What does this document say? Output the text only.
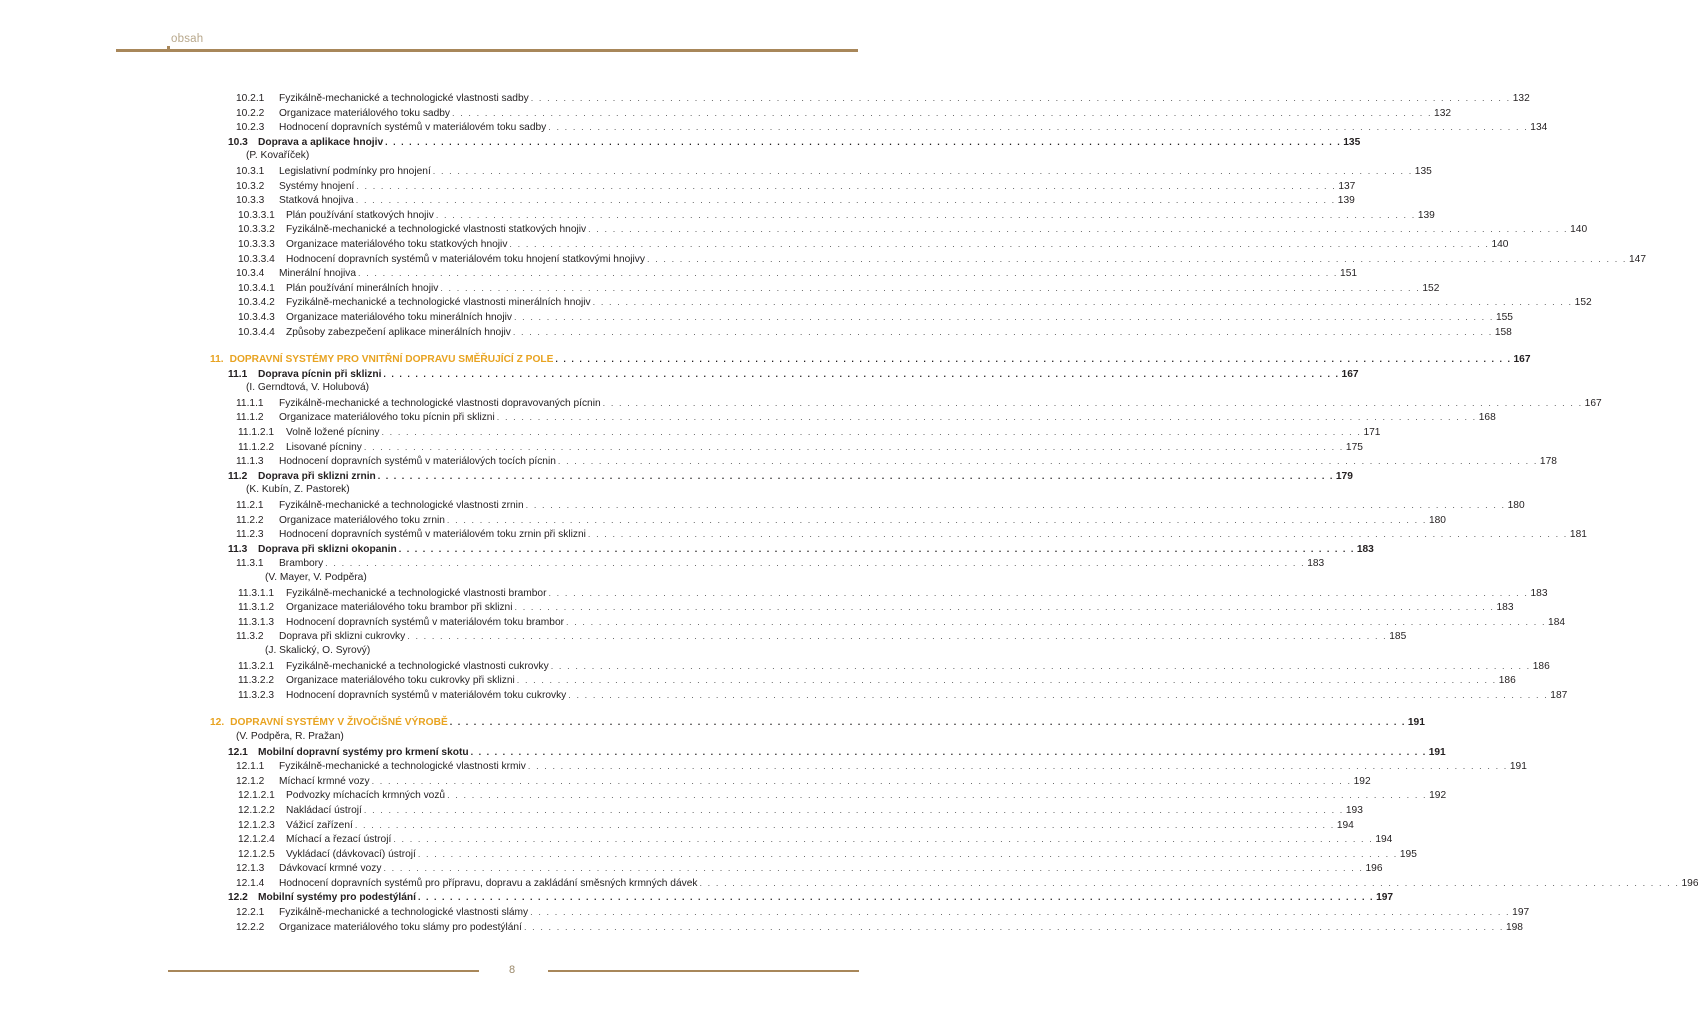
obsah
10.2.1	Fyzikálně-mechanické a technologické vlastnosti sadby . . . . . . . . . . . . . . . . . . . . . . . . . . . . . . . . . . . . . . . . . . . . . . . . . . . . . . . . . . . . . . . . . . . . . . . . . . . . . . . . . . . . . . . . . . . . . . . . . . . . . . . . . . . . . . . . . . . . . . . . 132
10.2.2	Organizace materiálového toku sadby . . . . . . . . . . . . . . . . . . . . . . . . . . . . . . . . . . . . . . . . . . . . . . . . . . . . . . . . . . . . . . . . . . . . . . . . . . . . . . . . . . . . . . . . . . . . . . . . . . . . . . . . . . . . . . . . . . . . . . . . 132
10.2.3	Hodnocení dopravních systémů v materiálovém toku sadby . . . . . . . . . . . . . . . . . . . . . . . . . . . . . . . . . . . . . . . . . . . . . . . . . . . . . . . . . . . . . . . . . . . . . . . . . . . . . . . . . . . . . . . . . . . . . . . . . . . . . . . . . . . . . . . . . . . . . . . . 134
10.3 Doprava a aplikace hnojiv . . . . . . . . . . . . . . . . . . . . . . . . . . . . . . . . . . . . . . . . . . . . . . . . . . . . . . . . . . . . . . . . . . . . . . . . . . . . . . . . . . . . . . . . . . . . . . . . . . . . . . . . . . . . . . . . . . . . . . . . 135
(P. Kovaříček)
10.3.1	Legislativní podmínky pro hnojení . . . . . . . . . . . . . . . . . . . . . . . . . . . . . . . . . . . . . . . . . . . . . . . . . . . . . . . . . . . . . . . . . . . . . . . . . . . . . . . . . . . . . . . . . . . . . . . . . . . . . . . . . . . . . . . . . . . . . . . . 135
10.3.2	Systémy hnojení . . . . . . . . . . . . . . . . . . . . . . . . . . . . . . . . . . . . . . . . . . . . . . . . . . . . . . . . . . . . . . . . . . . . . . . . . . . . . . . . . . . . . . . . . . . . . . . . . . . . . . . . . . . . . . . . . . . . . . . . 137
10.3.3	Statková hnojiva . . . . . . . . . . . . . . . . . . . . . . . . . . . . . . . . . . . . . . . . . . . . . . . . . . . . . . . . . . . . . . . . . . . . . . . . . . . . . . . . . . . . . . . . . . . . . . . . . . . . . . . . . . . . . . . . . . . . . . . . 139
10.3.3.1	Plán používání statkových hnojiv . . . . . . . . . . . . . . . . . . . . . . . . . . . . . . . . . . . . . . . . . . . . . . . . . . . . . . . . . . . . . . . . . . . . . . . . . . . . . . . . . . . . . . . . . . . . . . . . . . . . . . . . . . . . . . . . . . . . . . . . 139
10.3.3.2	Fyzikálně-mechanické a technologické vlastnosti statkových hnojiv . . . . . . . . . . . . . . . . . . . . . . . . . . . . . . . . . . . . . . . . . . . . . . . . . . . . . . . . . . . . . . . . . . . . . . . . . . . . . . . . . . . . . . . . . . . . . . . . . . . . . . . . . . . . . . . . . . . . . . . . 140
10.3.3.3	Organizace materiálového toku statkových hnojiv . . . . . . . . . . . . . . . . . . . . . . . . . . . . . . . . . . . . . . . . . . . . . . . . . . . . . . . . . . . . . . . . . . . . . . . . . . . . . . . . . . . . . . . . . . . . . . . . . . . . . . . . . . . . . . . . . . . . . . . . 140
10.3.3.4	Hodnocení dopravních systémů v materiálovém toku hnojení statkovými hnojivy . . . . . . . . . . . . . . . . . . . . . . . . . . . . . . . . . . . . . . . . . . . . . . . . . . . . . . . . . . . . . . . . . . . . . . . . . . . . . . . . . . . . . . . . . . . . . . . . . . . . . . . . . . . . . . . . . . . . . . . . 147
10.3.4	Minerální hnojiva . . . . . . . . . . . . . . . . . . . . . . . . . . . . . . . . . . . . . . . . . . . . . . . . . . . . . . . . . . . . . . . . . . . . . . . . . . . . . . . . . . . . . . . . . . . . . . . . . . . . . . . . . . . . . . . . . . . . . . . . 151
10.3.4.1	Plán používání minerálních hnojiv . . . . . . . . . . . . . . . . . . . . . . . . . . . . . . . . . . . . . . . . . . . . . . . . . . . . . . . . . . . . . . . . . . . . . . . . . . . . . . . . . . . . . . . . . . . . . . . . . . . . . . . . . . . . . . . . . . . . . . . . 152
10.3.4.2	Fyzikálně-mechanické a technologické vlastnosti minerálních hnojiv . . . . . . . . . . . . . . . . . . . . . . . . . . . . . . . . . . . . . . . . . . . . . . . . . . . . . . . . . . . . . . . . . . . . . . . . . . . . . . . . . . . . . . . . . . . . . . . . . . . . . . . . . . . . . . . . . . . . . . . . 152
10.3.4.3	Organizace materiálového toku minerálních hnojiv . . . . . . . . . . . . . . . . . . . . . . . . . . . . . . . . . . . . . . . . . . . . . . . . . . . . . . . . . . . . . . . . . . . . . . . . . . . . . . . . . . . . . . . . . . . . . . . . . . . . . . . . . . . . . . . . . . . . . . . . 155
10.3.4.4	Způsoby zabezpečení aplikace minerálních hnojiv . . . . . . . . . . . . . . . . . . . . . . . . . . . . . . . . . . . . . . . . . . . . . . . . . . . . . . . . . . . . . . . . . . . . . . . . . . . . . . . . . . . . . . . . . . . . . . . . . . . . . . . . . . . . . . . . . . . . . . . . 158
11. DOPRAVNÍ SYSTÉMY PRO VNITŘNÍ DOPRAVU SMĚŘUJÍCÍ Z POLE . . . . . . . . . . . . . . . . . . . . . . . . . . . . . . . . . . . . . . . . . . . . . . . . . . . . . . . . . . . . . . . . . . . . . . . . . . . . . . . . . . . . . . . . . . . . . . . . . . . . . . . . . . . . . . . . . . . . . . . . 167
11.1	Doprava pícnin při sklizni . . . . . . . . . . . . . . . . . . . . . . . . . . . . . . . . . . . . . . . . . . . . . . . . . . . . . . . . . . . . . . . . . . . . . . . . . . . . . . . . . . . . . . . . . . . . . . . . . . . . . . . . . . . . . . . . . . . . . . . . 167
(I. Gerndtová, V. Holubová)
11.1.1	Fyzikálně-mechanické a technologické vlastnosti dopravovaných pícnin . . . . . . . . . . . . . . . . . . . . . . . . . . . . . . . . . . . . . . . . . . . . . . . . . . . . . . . . . . . . . . . . . . . . . . . . . . . . . . . . . . . . . . . . . . . . . . . . . . . . . . . . . . . . . . . . . . . . . . . . 167
11.1.2	Organizace materiálového toku pícnin při sklizni . . . . . . . . . . . . . . . . . . . . . . . . . . . . . . . . . . . . . . . . . . . . . . . . . . . . . . . . . . . . . . . . . . . . . . . . . . . . . . . . . . . . . . . . . . . . . . . . . . . . . . . . . . . . . . . . . . . . . . . . 168
11.1.2.1	Volně ložené pícniny . . . . . . . . . . . . . . . . . . . . . . . . . . . . . . . . . . . . . . . . . . . . . . . . . . . . . . . . . . . . . . . . . . . . . . . . . . . . . . . . . . . . . . . . . . . . . . . . . . . . . . . . . . . . . . . . . . . . . . . . 171
11.1.2.2	Lisované pícniny . . . . . . . . . . . . . . . . . . . . . . . . . . . . . . . . . . . . . . . . . . . . . . . . . . . . . . . . . . . . . . . . . . . . . . . . . . . . . . . . . . . . . . . . . . . . . . . . . . . . . . . . . . . . . . . . . . . . . . . . 175
11.1.3	Hodnocení dopravních systémů v materiálových tocích pícnin . . . . . . . . . . . . . . . . . . . . . . . . . . . . . . . . . . . . . . . . . . . . . . . . . . . . . . . . . . . . . . . . . . . . . . . . . . . . . . . . . . . . . . . . . . . . . . . . . . . . . . . . . . . . . . . . . . . . . . . . 178
11.2	Doprava při sklizni zrnin . . . . . . . . . . . . . . . . . . . . . . . . . . . . . . . . . . . . . . . . . . . . . . . . . . . . . . . . . . . . . . . . . . . . . . . . . . . . . . . . . . . . . . . . . . . . . . . . . . . . . . . . . . . . . . . . . . . . . . . . 179
(K. Kubín, Z. Pastorek)
11.2.1	Fyzikálně-mechanické a technologické vlastnosti zrnin . . . . . . . . . . . . . . . . . . . . . . . . . . . . . . . . . . . . . . . . . . . . . . . . . . . . . . . . . . . . . . . . . . . . . . . . . . . . . . . . . . . . . . . . . . . . . . . . . . . . . . . . . . . . . . . . . . . . . . . . 180
11.2.2	Organizace materiálového toku zrnin . . . . . . . . . . . . . . . . . . . . . . . . . . . . . . . . . . . . . . . . . . . . . . . . . . . . . . . . . . . . . . . . . . . . . . . . . . . . . . . . . . . . . . . . . . . . . . . . . . . . . . . . . . . . . . . . . . . . . . . . 180
11.2.3	Hodnocení dopravních systémů v materiálovém toku zrnin při sklizni . . . . . . . . . . . . . . . . . . . . . . . . . . . . . . . . . . . . . . . . . . . . . . . . . . . . . . . . . . . . . . . . . . . . . . . . . . . . . . . . . . . . . . . . . . . . . . . . . . . . . . . . . . . . . . . . . . . . . . . . 181
11.3	Doprava při sklizni okopanin . . . . . . . . . . . . . . . . . . . . . . . . . . . . . . . . . . . . . . . . . . . . . . . . . . . . . . . . . . . . . . . . . . . . . . . . . . . . . . . . . . . . . . . . . . . . . . . . . . . . . . . . . . . . . . . . . . . . . . . . 183
11.3.1	Brambory . . . . . . . . . . . . . . . . . . . . . . . . . . . . . . . . . . . . . . . . . . . . . . . . . . . . . . . . . . . . . . . . . . . . . . . . . . . . . . . . . . . . . . . . . . . . . . . . . . . . . . . . . . . . . . . . . . . . . . . . 183
(V. Mayer, V. Podpěra)
11.3.1.1	Fyzikálně-mechanické a technologické vlastnosti brambor . . . . . . . . . . . . . . . . . . . . . . . . . . . . . . . . . . . . . . . . . . . . . . . . . . . . . . . . . . . . . . . . . . . . . . . . . . . . . . . . . . . . . . . . . . . . . . . . . . . . . . . . . . . . . . . . . . . . . . . . 183
11.3.1.2	Organizace materiálového toku brambor při sklizni . . . . . . . . . . . . . . . . . . . . . . . . . . . . . . . . . . . . . . . . . . . . . . . . . . . . . . . . . . . . . . . . . . . . . . . . . . . . . . . . . . . . . . . . . . . . . . . . . . . . . . . . . . . . . . . . . . . . . . . . 183
11.3.1.3	Hodnocení dopravních systémů v materiálovém toku brambor . . . . . . . . . . . . . . . . . . . . . . . . . . . . . . . . . . . . . . . . . . . . . . . . . . . . . . . . . . . . . . . . . . . . . . . . . . . . . . . . . . . . . . . . . . . . . . . . . . . . . . . . . . . . . . . . . . . . . . . . 184
11.3.2	Doprava při sklizni cukrovky . . . . . . . . . . . . . . . . . . . . . . . . . . . . . . . . . . . . . . . . . . . . . . . . . . . . . . . . . . . . . . . . . . . . . . . . . . . . . . . . . . . . . . . . . . . . . . . . . . . . . . . . . . . . . . . . . . . . . . . . 185
(J. Skalický, O. Syrový)
11.3.2.1	Fyzikálně-mechanické a technologické vlastnosti cukrovky . . . . . . . . . . . . . . . . . . . . . . . . . . . . . . . . . . . . . . . . . . . . . . . . . . . . . . . . . . . . . . . . . . . . . . . . . . . . . . . . . . . . . . . . . . . . . . . . . . . . . . . . . . . . . . . . . . . . . . . . 186
11.3.2.2	Organizace materiálového toku cukrovky při sklizni . . . . . . . . . . . . . . . . . . . . . . . . . . . . . . . . . . . . . . . . . . . . . . . . . . . . . . . . . . . . . . . . . . . . . . . . . . . . . . . . . . . . . . . . . . . . . . . . . . . . . . . . . . . . . . . . . . . . . . . . 186
11.3.2.3	Hodnocení dopravních systémů v materiálovém toku cukrovky . . . . . . . . . . . . . . . . . . . . . . . . . . . . . . . . . . . . . . . . . . . . . . . . . . . . . . . . . . . . . . . . . . . . . . . . . . . . . . . . . . . . . . . . . . . . . . . . . . . . . . . . . . . . . . . . . . . . . . . . 187
12. DOPRAVNÍ SYSTÉMY V ŽIVOČIŠNÉ VÝROBĚ . . . . . . . . . . . . . . . . . . . . . . . . . . . . . . . . . . . . . . . . . . . . . . . . . . . . . . . . . . . . . . . . . . . . . . . . . . . . . . . . . . . . . . . . . . . . . . . . . . . . . . . . . . . . . . . . . . . . . . . . 191
(V. Podpěra, R. Pražan)
12.1 Mobilní dopravní systémy pro krmení skotu . . . . . . . . . . . . . . . . . . . . . . . . . . . . . . . . . . . . . . . . . . . . . . . . . . . . . . . . . . . . . . . . . . . . . . . . . . . . . . . . . . . . . . . . . . . . . . . . . . . . . . . . . . . . . . . . . . . . . . . . 191
12.1.1	Fyzikálně-mechanické a technologické vlastnosti krmiv . . . . . . . . . . . . . . . . . . . . . . . . . . . . . . . . . . . . . . . . . . . . . . . . . . . . . . . . . . . . . . . . . . . . . . . . . . . . . . . . . . . . . . . . . . . . . . . . . . . . . . . . . . . . . . . . . . . . . . . . 191
12.1.2	Míchací krmné vozy . . . . . . . . . . . . . . . . . . . . . . . . . . . . . . . . . . . . . . . . . . . . . . . . . . . . . . . . . . . . . . . . . . . . . . . . . . . . . . . . . . . . . . . . . . . . . . . . . . . . . . . . . . . . . . . . . . . . . . . . 192
12.1.2.1	Podvozky míchacích krmných vozů . . . . . . . . . . . . . . . . . . . . . . . . . . . . . . . . . . . . . . . . . . . . . . . . . . . . . . . . . . . . . . . . . . . . . . . . . . . . . . . . . . . . . . . . . . . . . . . . . . . . . . . . . . . . . . . . . . . . . . . . 192
12.1.2.2	Nakládací ústrojí . . . . . . . . . . . . . . . . . . . . . . . . . . . . . . . . . . . . . . . . . . . . . . . . . . . . . . . . . . . . . . . . . . . . . . . . . . . . . . . . . . . . . . . . . . . . . . . . . . . . . . . . . . . . . . . . . . . . . . . . 193
12.1.2.3	Vážicí zařízení . . . . . . . . . . . . . . . . . . . . . . . . . . . . . . . . . . . . . . . . . . . . . . . . . . . . . . . . . . . . . . . . . . . . . . . . . . . . . . . . . . . . . . . . . . . . . . . . . . . . . . . . . . . . . . . . . . . . . . . . 194
12.1.2.4	Míchací a řezací ústrojí . . . . . . . . . . . . . . . . . . . . . . . . . . . . . . . . . . . . . . . . . . . . . . . . . . . . . . . . . . . . . . . . . . . . . . . . . . . . . . . . . . . . . . . . . . . . . . . . . . . . . . . . . . . . . . . . . . . . . . . . 194
12.1.2.5	Vykládací (dávkovací) ústrojí . . . . . . . . . . . . . . . . . . . . . . . . . . . . . . . . . . . . . . . . . . . . . . . . . . . . . . . . . . . . . . . . . . . . . . . . . . . . . . . . . . . . . . . . . . . . . . . . . . . . . . . . . . . . . . . . . . . . . . . . 195
12.1.3	Dávkovací krmné vozy . . . . . . . . . . . . . . . . . . . . . . . . . . . . . . . . . . . . . . . . . . . . . . . . . . . . . . . . . . . . . . . . . . . . . . . . . . . . . . . . . . . . . . . . . . . . . . . . . . . . . . . . . . . . . . . . . . . . . . . . 196
12.1.4	Hodnocení dopravních systémů pro přípravu, dopravu a zakládání směsných krmných dávek . . . . . . . . . . . . . . . . . . . . . . . . . . . . . . . . . . . . . . . . . . . . . . . . . . . . . . . . . . . . . . . . . . . . . . . . . . . . . . . . . . . . . . . . . . . . . . . . . . . . . . . . . . . . . . . . . . . . . . . . 196
12.2 Mobilní systémy pro podestýlání . . . . . . . . . . . . . . . . . . . . . . . . . . . . . . . . . . . . . . . . . . . . . . . . . . . . . . . . . . . . . . . . . . . . . . . . . . . . . . . . . . . . . . . . . . . . . . . . . . . . . . . . . . . . . . . . . . . . . . . . 197
12.2.1	Fyzikálně-mechanické a technologické vlastnosti slámy . . . . . . . . . . . . . . . . . . . . . . . . . . . . . . . . . . . . . . . . . . . . . . . . . . . . . . . . . . . . . . . . . . . . . . . . . . . . . . . . . . . . . . . . . . . . . . . . . . . . . . . . . . . . . . . . . . . . . . . . 197
12.2.2	Organizace materiálového toku slámy pro podestýlání . . . . . . . . . . . . . . . . . . . . . . . . . . . . . . . . . . . . . . . . . . . . . . . . . . . . . . . . . . . . . . . . . . . . . . . . . . . . . . . . . . . . . . . . . . . . . . . . . . . . . . . . . . . . . . . . . . . . . . . . 198
8
